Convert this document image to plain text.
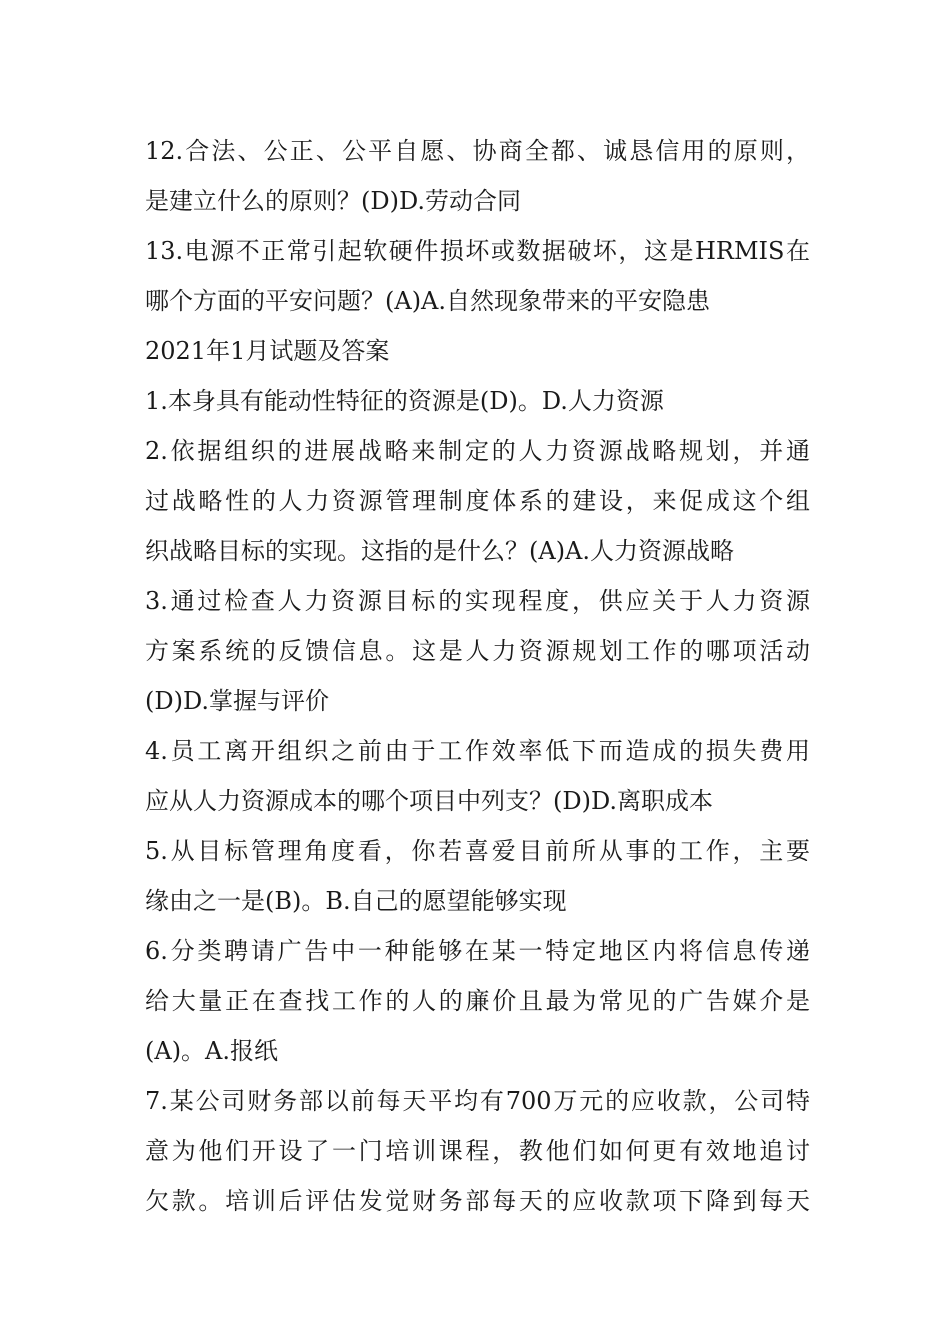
12.合法、公正、公平自愿、协商全都、诚恳信用的原则，
是建立什么的原则？(D)D.劳动合同
13.电源不正常引起软硬件损坏或数据破坏，这是HRMIS在
哪个方面的平安问题？(A)A.自然现象带来的平安隐患
2021年1月试题及答案
1.本身具有能动性特征的资源是(D)。D.人力资源
2.依据组织的进展战略来制定的人力资源战略规划，并通
过战略性的人力资源管理制度体系的建设，来促成这个组
织战略目标的实现。这指的是什么？(A)A.人力资源战略
3.通过检查人力资源目标的实现程度，供应关于人力资源
方案系统的反馈信息。这是人力资源规划工作的哪项活动
(D)D.掌握与评价
4.员工离开组织之前由于工作效率低下而造成的损失费用
应从人力资源成本的哪个项目中列支？(D)D.离职成本
5.从目标管理角度看，你若喜爱目前所从事的工作，主要
缘由之一是(B)。B.自己的愿望能够实现
6.分类聘请广告中一种能够在某一特定地区内将信息传递
给大量正在查找工作的人的廉价且最为常见的广告媒介是
(A)。A.报纸
7.某公司财务部以前每天平均有700万元的应收款，公司特
意为他们开设了一门培训课程，教他们如何更有效地追讨
欠款。培训后评估发觉财务部每天的应收款项下降到每天
